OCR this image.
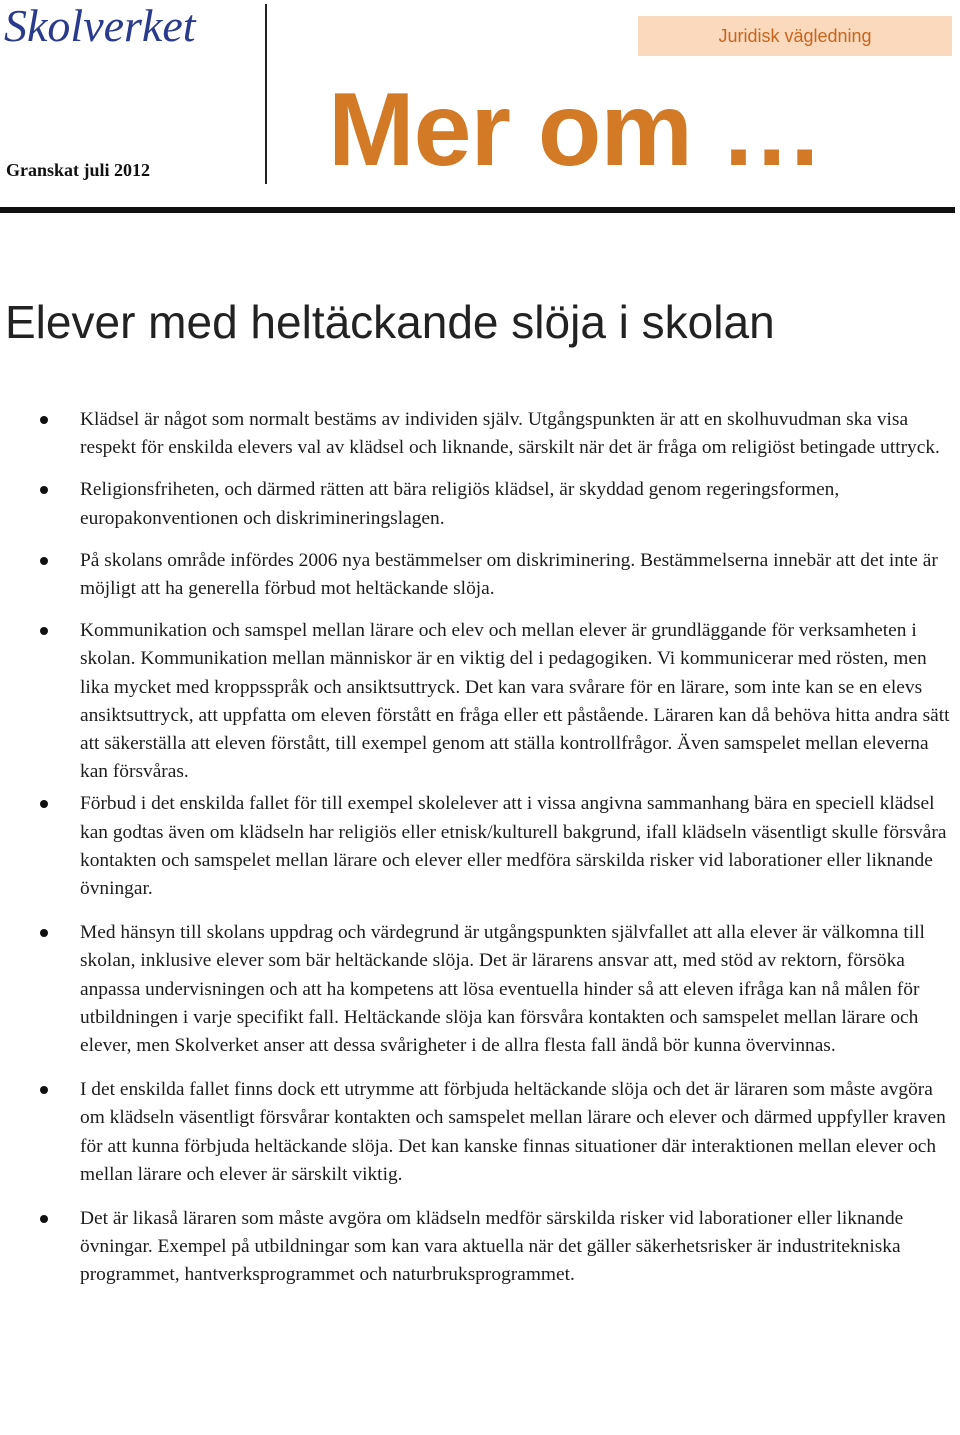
Skolverket
Granskat juli 2012
Juridisk vägledning
Mer om …
Elever med heltäckande slöja i skolan
Klädsel är något som normalt bestäms av individen själv. Utgångspunkten är att en skolhuvudman ska visa respekt för enskilda elevers val av klädsel och liknande, särskilt när det är fråga om religiöst betingade uttryck.
Religionsfriheten, och därmed rätten att bära religiös klädsel, är skyddad genom regeringsformen, europakonventionen och diskrimineringslagen.
På skolans område infördes 2006 nya bestämmelser om diskriminering. Bestämmelserna innebär att det inte är möjligt att ha generella förbud mot heltäckande slöja.
Kommunikation och samspel mellan lärare och elev och mellan elever är grundläggande för verksamheten i skolan. Kommunikation mellan människor är en viktig del i pedagogiken. Vi kommunicerar med rösten, men lika mycket med kroppsspråk och ansiktsuttryck. Det kan vara svårare för en lärare, som inte kan se en elevs ansiktsuttryck, att uppfatta om eleven förstått en fråga eller ett påstående. Läraren kan då behöva hitta andra sätt att säkerställa att eleven förstått, till exempel genom att ställa kontrollfrågor. Även samspelet mellan eleverna kan försvåras.
Förbud i det enskilda fallet för till exempel skolelever att i vissa angivna sammanhang bära en speciell klädsel kan godtas även om klädseln har religiös eller etnisk/kulturell bakgrund, ifall klädseln väsentligt skulle försvåra kontakten och samspelet mellan lärare och elever eller medföra särskilda risker vid laborationer eller liknande övningar.
Med hänsyn till skolans uppdrag och värdegrund är utgångspunkten självfallet att alla elever är välkomna till skolan, inklusive elever som bär heltäckande slöja. Det är lärarens ansvar att, med stöd av rektorn, försöka anpassa undervisningen och att ha kompetens att lösa eventuella hinder så att eleven ifråga kan nå målen för utbildningen i varje specifikt fall. Heltäckande slöja kan försvåra kontakten och samspelet mellan lärare och elever, men Skolverket anser att dessa svårigheter i de allra flesta fall ändå bör kunna övervinnas.
I det enskilda fallet finns dock ett utrymme att förbjuda heltäckande slöja och det är läraren som måste avgöra om klädseln väsentligt försvårar kontakten och samspelet mellan lärare och elever och därmed uppfyller kraven för att kunna förbjuda heltäckande slöja. Det kan kanske finnas situationer där interaktionen mellan elever och mellan lärare och elever är särskilt viktig.
Det är likaså läraren som måste avgöra om klädseln medför särskilda risker vid laborationer eller liknande övningar. Exempel på utbildningar som kan vara aktuella när det gäller säkerhetsrisker är industritekniska programmet, hantverksprogrammet och naturbruksprogrammet.
